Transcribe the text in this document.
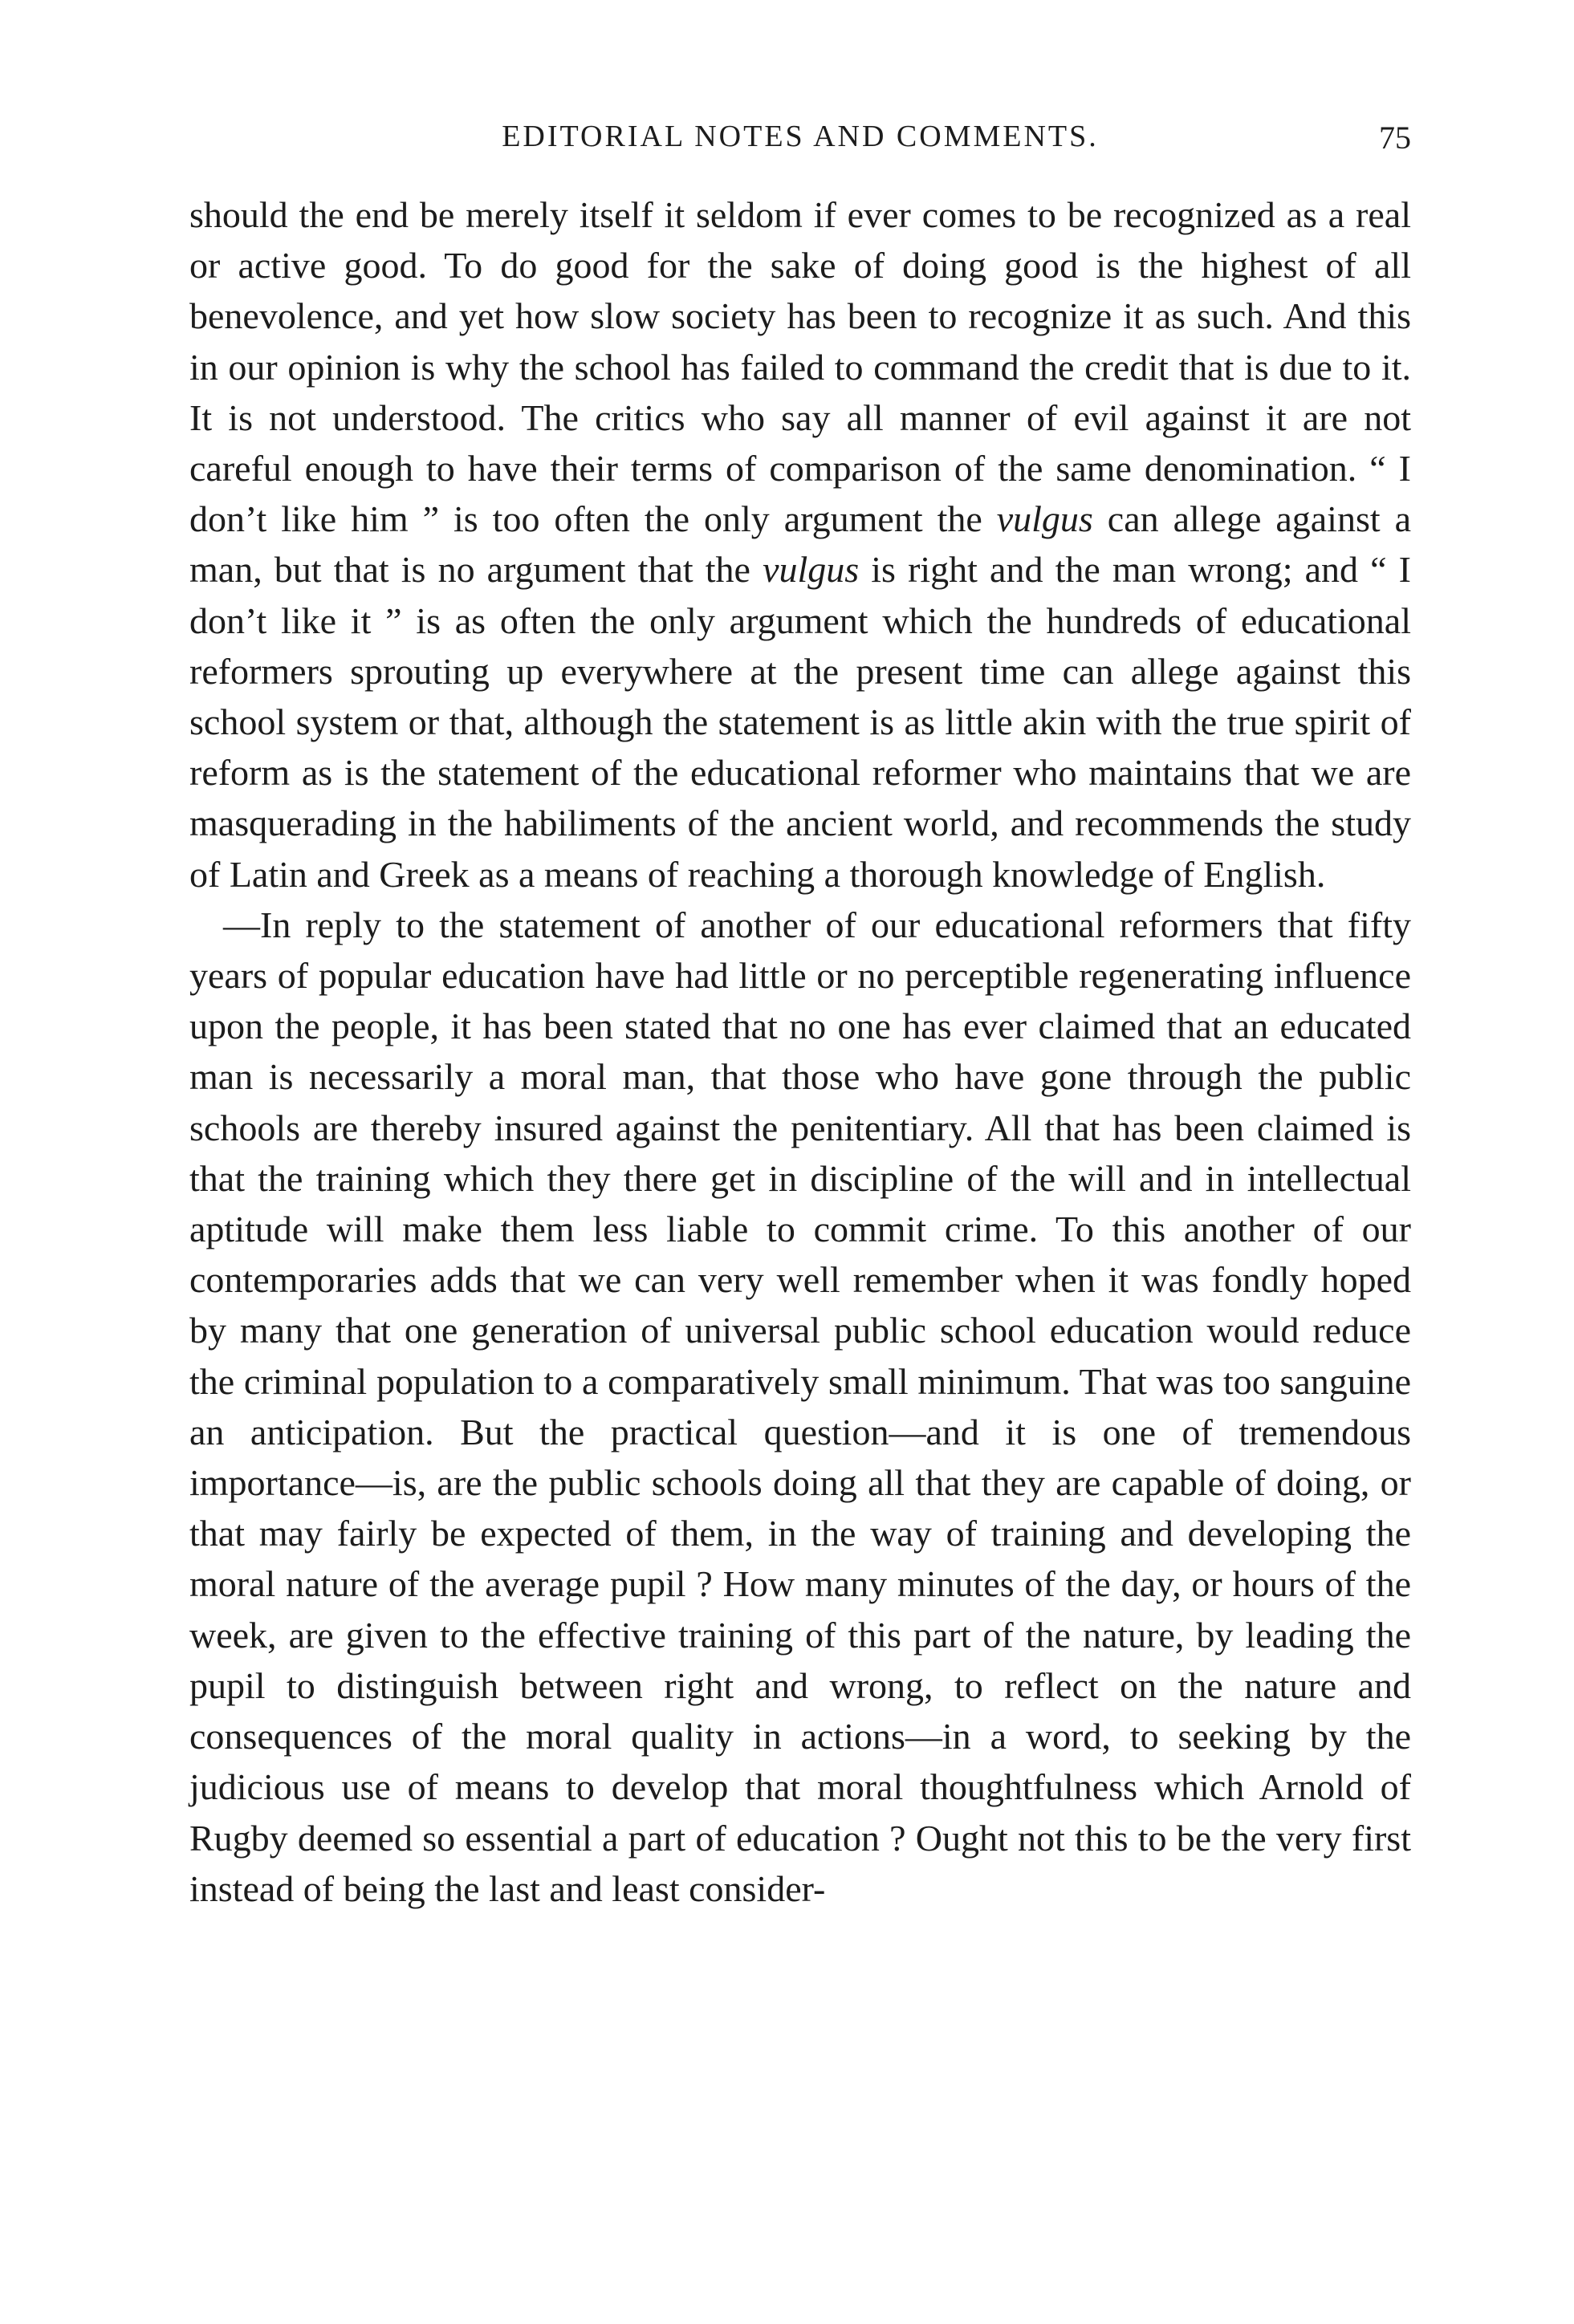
EDITORIAL NOTES AND COMMENTS.	75

should the end be merely itself it seldom if ever comes to be recognized as a real or active good. To do good for the sake of doing good is the highest of all benevolence, and yet how slow society has been to recognize it as such. And this in our opinion is why the school has failed to command the credit that is due to it. It is not understood. The critics who say all manner of evil against it are not careful enough to have their terms of comparison of the same denomination. “ I don’t like him ” is too often the only argument the vulgus can allege against a man, but that is no argument that the vulgus is right and the man wrong; and “ I don’t like it ” is as often the only argument which the hundreds of educational reformers sprouting up everywhere at the present time can allege against this school system or that, although the statement is as little akin with the true spirit of reform as is the statement of the educational reformer who maintains that we are masquerading in the habiliments of the ancient world, and recommends the study of Latin and Greek as a means of reaching a thorough knowledge of English.

—In reply to the statement of another of our educational reformers that fifty years of popular education have had little or no perceptible regenerating influence upon the people, it has been stated that no one has ever claimed that an educated man is necessarily a moral man, that those who have gone through the public schools are thereby insured against the penitentiary. All that has been claimed is that the training which they there get in discipline of the will and in intellectual aptitude will make them less liable to commit crime. To this another of our contemporaries adds that we can very well remember when it was fondly hoped by many that one generation of universal public school education would reduce the criminal population to a comparatively small minimum. That was too sanguine an anticipation. But the practical question—and it is one of tremendous importance—is, are the public schools doing all that they are capable of doing, or that may fairly be expected of them, in the way of training and developing the moral nature of the average pupil ? How many minutes of the day, or hours of the week, are given to the effective training of this part of the nature, by leading the pupil to distinguish between right and wrong, to reflect on the nature and consequences of the moral quality in actions—in a word, to seeking by the judicious use of means to develop that moral thoughtfulness which Arnold of Rugby deemed so essential a part of education ? Ought not this to be the very first instead of being the last and least consider-
